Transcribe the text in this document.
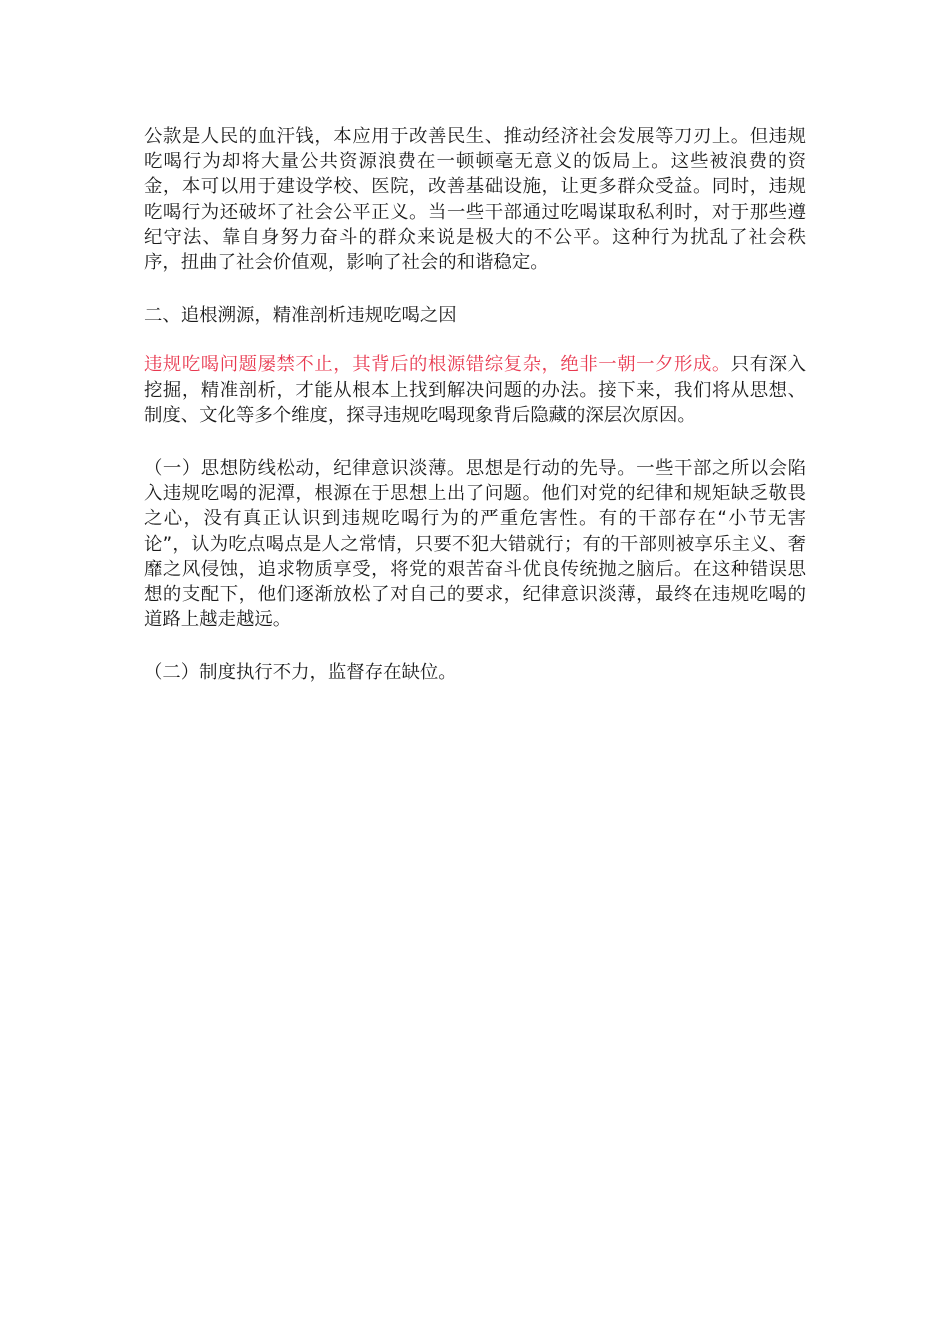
公款是人民的血汗钱，本应用于改善民生、推动经济社会发展等刀刃上。但违规吃喝行为却将大量公共资源浪费在一顿顿毫无意义的饭局上。这些被浪费的资金，本可以用于建设学校、医院，改善基础设施，让更多群众受益。同时，违规吃喝行为还破坏了社会公平正义。当一些干部通过吃喝谋取私利时，对于那些遵纪守法、靠自身努力奋斗的群众来说是极大的不公平。这种行为扰乱了社会秩序，扭曲了社会价值观，影响了社会的和谐稳定。

二、追根溯源，精准剖析违规吃喝之因

违规吃喝问题屡禁不止，其背后的根源错综复杂，绝非一朝一夕形成。只有深入挖掘，精准剖析，才能从根本上找到解决问题的办法。接下来，我们将从思想、制度、文化等多个维度，探寻违规吃喝现象背后隐藏的深层次原因。

（一）思想防线松动，纪律意识淡薄。思想是行动的先导。一些干部之所以会陷入违规吃喝的泥潭，根源在于思想上出了问题。他们对党的纪律和规矩缺乏敬畏之心，没有真正认识到违规吃喝行为的严重危害性。有的干部存在“小节无害论”，认为吃点喝点是人之常情，只要不犯大错就行；有的干部则被享乐主义、奢靡之风侵蚀，追求物质享受，将党的艰苦奋斗优良传统抛之脑后。在这种错误思想的支配下，他们逐渐放松了对自己的要求，纪律意识淡薄，最终在违规吃喝的道路上越走越远。

（二）制度执行不力，监督存在缺位。
